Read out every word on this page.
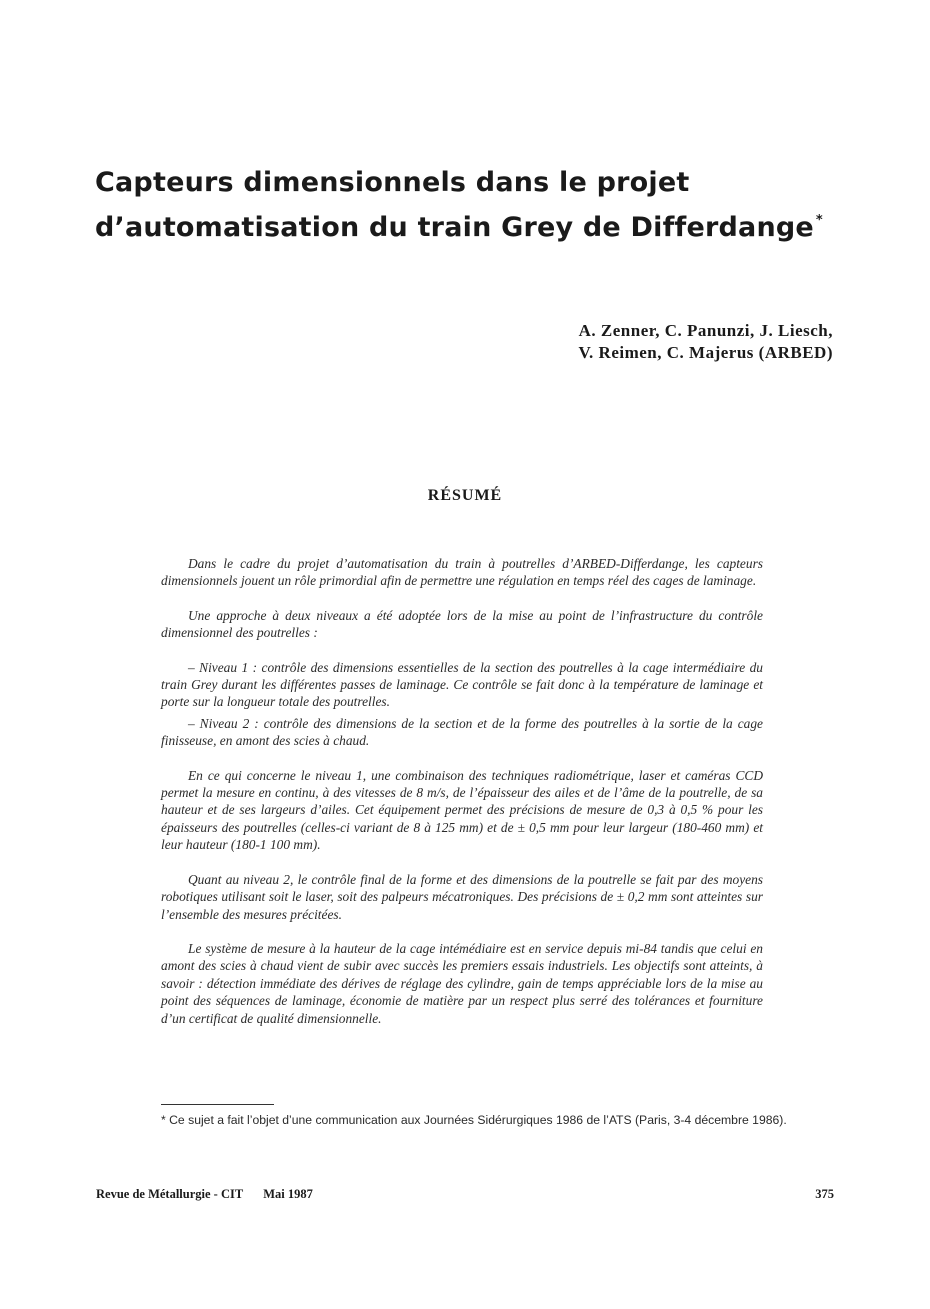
Capteurs dimensionnels dans le projet
d’automatisation du train Grey de Differdange *
A. Zenner, C. Panunzi, J. Liesch,
V. Reimen, C. Majerus (ARBED)
RÉSUMÉ

Dans le cadre du projet d’automatisation du train à poutrelles d’ARBED-Differdange, les capteurs dimensionnels jouent un rôle primordial afin de permettre une régulation en temps réel des cages de laminage.

Une approche à deux niveaux a été adoptée lors de la mise au point de l’infrastructure du contrôle dimensionnel des poutrelles :

– Niveau 1 : contrôle des dimensions essentielles de la section des poutrelles à la cage intermédiaire du train Grey durant les différentes passes de laminage. Ce contrôle se fait donc à la température de laminage et porte sur la longueur totale des poutrelles.

– Niveau 2 : contrôle des dimensions de la section et de la forme des poutrelles à la sortie de la cage finisseuse, en amont des scies à chaud.

En ce qui concerne le niveau 1, une combinaison des techniques radiométrique, laser et caméras CCD permet la mesure en continu, à des vitesses de 8 m/s, de l’épaisseur des ailes et de l’âme de la poutrelle, de sa hauteur et de ses largeurs d’ailes. Cet équipement permet des précisions de mesure de 0,3 à 0,5 % pour les épaisseurs des poutrelles (celles-ci variant de 8 à 125 mm) et de ± 0,5 mm pour leur largeur (180-460 mm) et leur hauteur (180-1 100 mm).

Quant au niveau 2, le contrôle final de la forme et des dimensions de la poutrelle se fait par des moyens robotiques utilisant soit le laser, soit des palpeurs mécatroniques. Des précisions de ± 0,2 mm sont atteintes sur l’ensemble des mesures précitées.

Le système de mesure à la hauteur de la cage intémédiaire est en service depuis mi-84 tandis que celui en amont des scies à chaud vient de subir avec succès les premiers essais industriels. Les objectifs sont atteints, à savoir : détection immédiate des dérives de réglage des cylindre, gain de temps appréciable lors de la mise au point des séquences de laminage, économie de matière par un respect plus serré des tolérances et fourniture d’un certificat de qualité dimensionnelle.

* Ce sujet a fait l’objet d’une communication aux Journées Sidérurgiques 1986 de l’ATS (Paris, 3-4 décembre 1986).
Revue de Métallurgie - CIT Mai 1987	375
